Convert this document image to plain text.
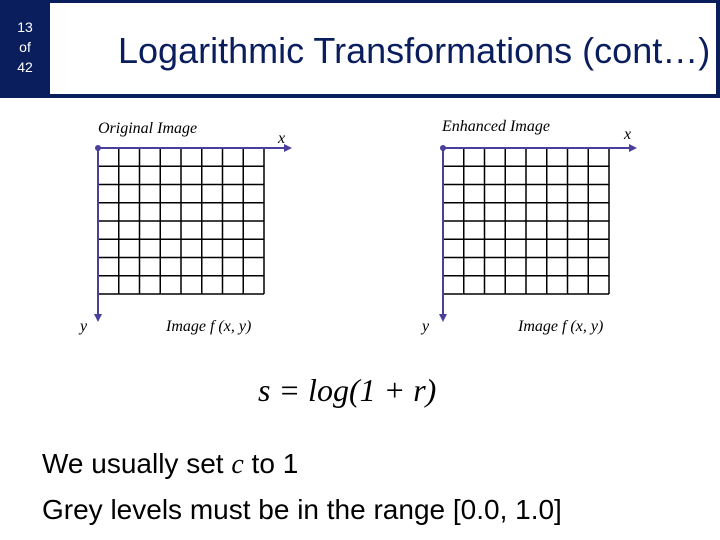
13
of
42	Logarithmic Transformations (cont…)
Original Image
x
y	Image f (x, y)
Enhanced Image	x
y	Image f (x, y)
s = log(1 + r)
We usually set c to 1
Grey levels must be in the range [0.0, 1.0]
